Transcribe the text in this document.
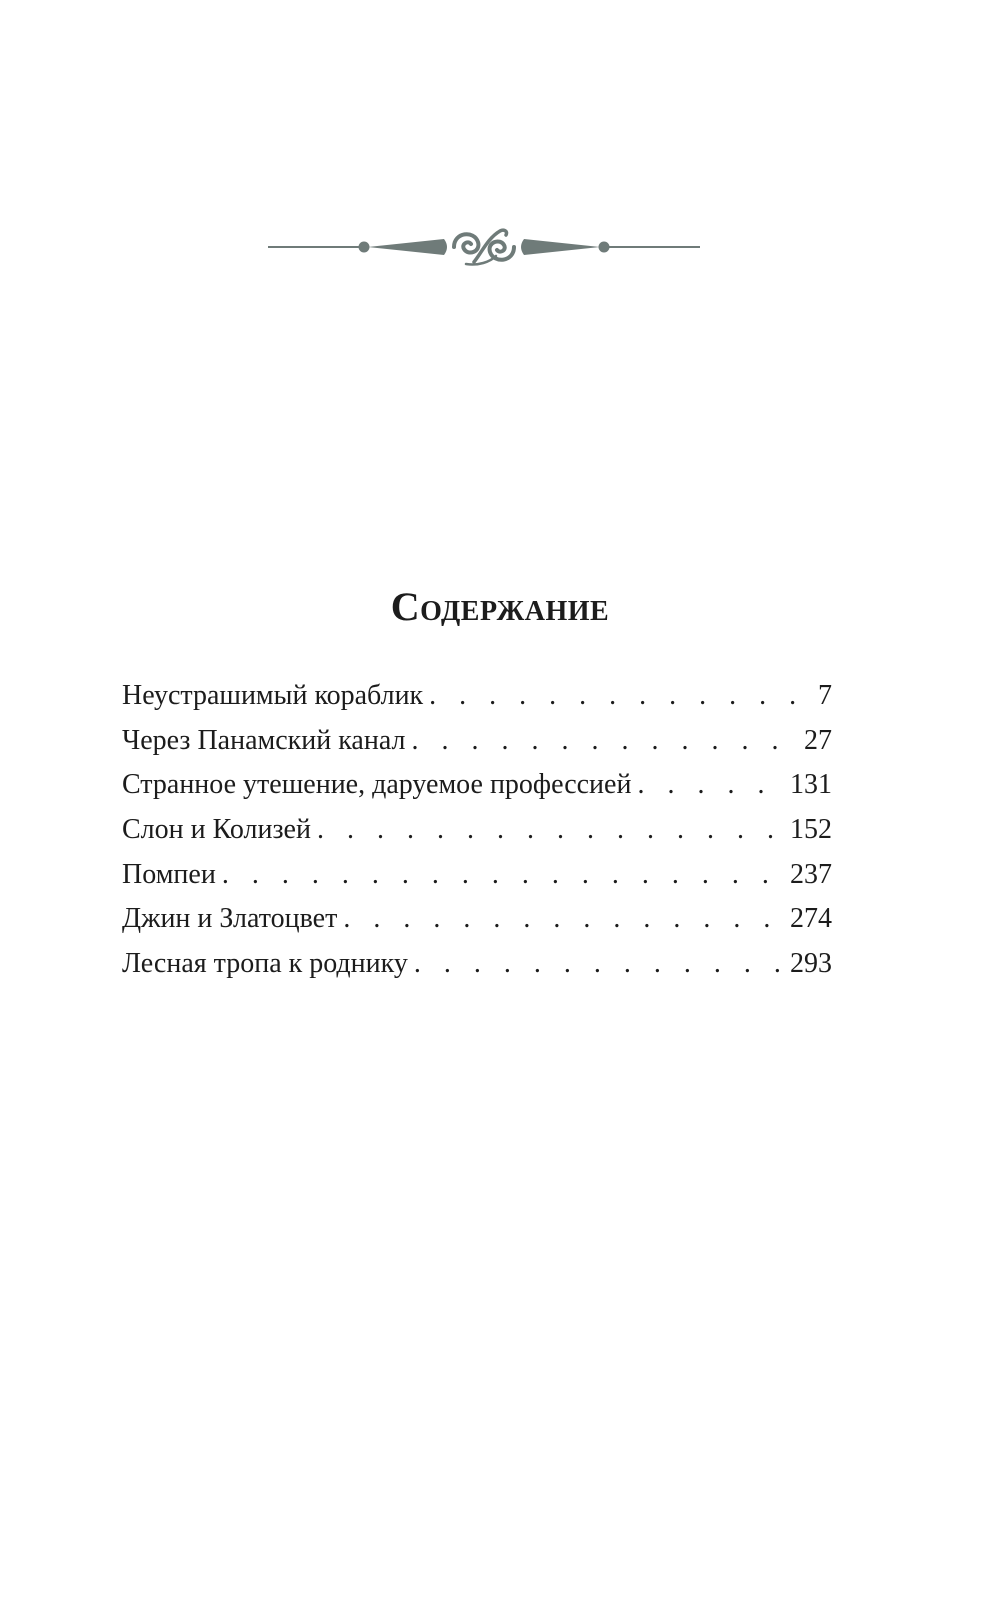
Содержание
Неустрашимый кораблик . . .	7
Через Панамский канал . . .	27
Странное утешение, даруемое профессией . . .	131
Слон и Колизей . . .	152
Помпеи . . .	237
Джин и Златоцвет . . .	274
Лесная тропа к роднику . . .	293
